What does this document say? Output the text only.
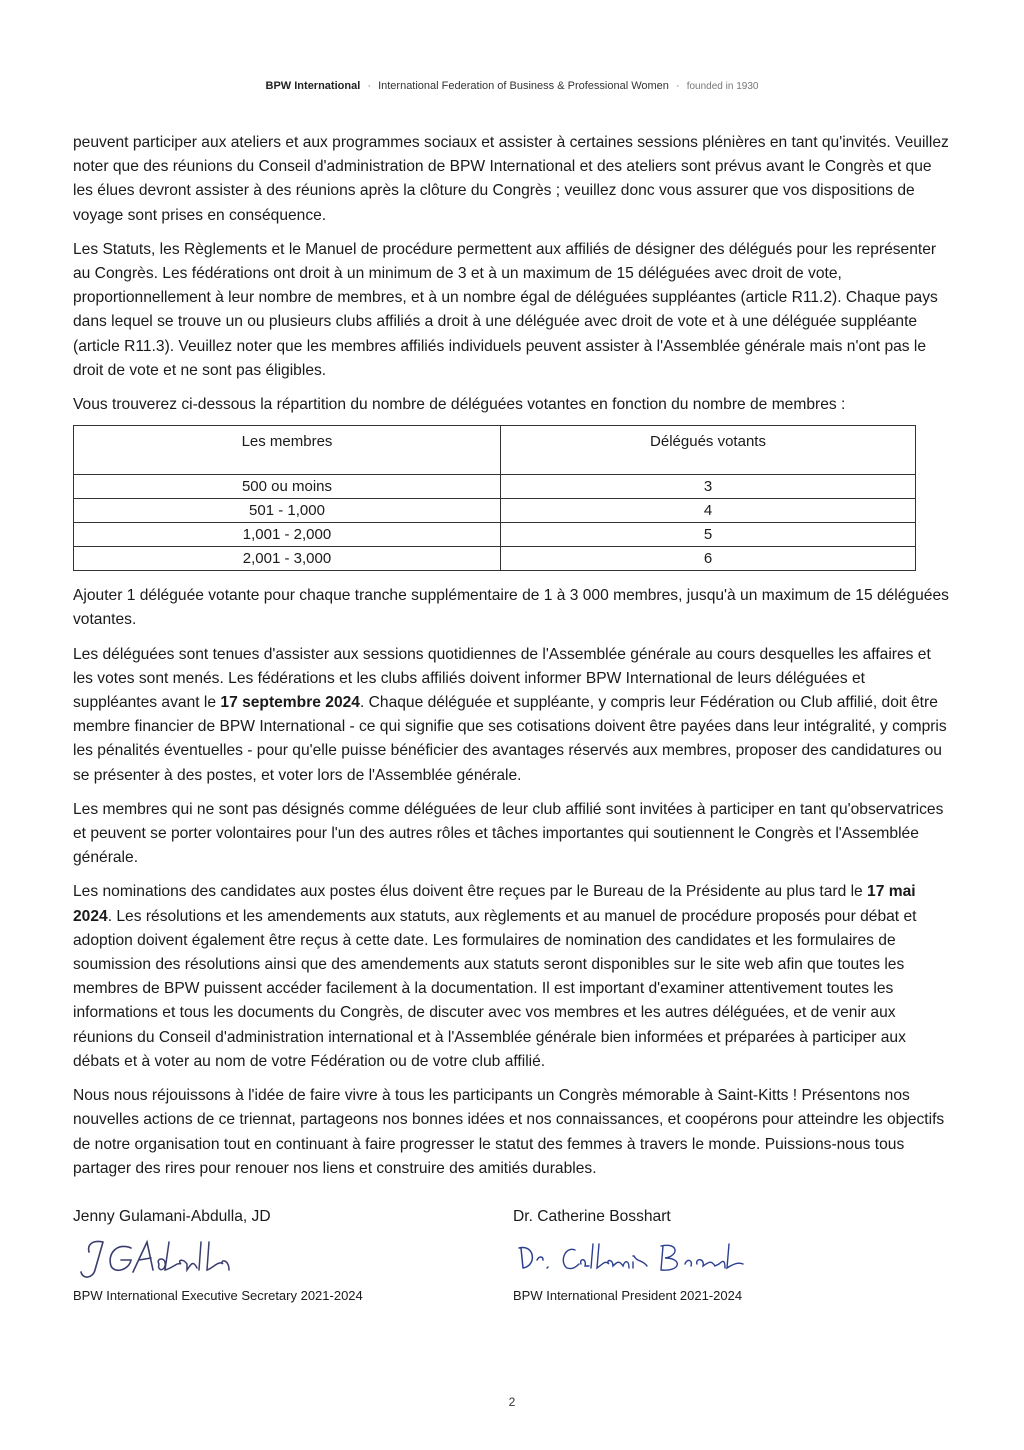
BPW International · International Federation of Business & Professional Women · founded in 1930

peuvent participer aux ateliers et aux programmes sociaux et assister à certaines sessions plénières en tant qu'invités. Veuillez noter que des réunions du Conseil d'administration de BPW International et des ateliers sont prévus avant le Congrès et que les élues devront assister à des réunions après la clôture du Congrès ; veuillez donc vous assurer que vos dispositions de voyage sont prises en conséquence.

Les Statuts, les Règlements et le Manuel de procédure permettent aux affiliés de désigner des délégués pour les représenter au Congrès. Les fédérations ont droit à un minimum de 3 et à un maximum de 15 déléguées avec droit de vote, proportionnellement à leur nombre de membres, et à un nombre égal de déléguées suppléantes (article R11.2). Chaque pays dans lequel se trouve un ou plusieurs clubs affiliés a droit à une déléguée avec droit de vote et à une déléguée suppléante (article R11.3). Veuillez noter que les membres affiliés individuels peuvent assister à l'Assemblée générale mais n'ont pas le droit de vote et ne sont pas éligibles.

Vous trouverez ci-dessous la répartition du nombre de déléguées votantes en fonction du nombre de membres :

Les membres	Délégués votants
500 ou moins	3
501 - 1,000	4
1,001 - 2,000	5
2,001 - 3,000	6

Ajouter 1 déléguée votante pour chaque tranche supplémentaire de 1 à 3 000 membres, jusqu'à un maximum de 15 déléguées votantes.

Les déléguées sont tenues d'assister aux sessions quotidiennes de l'Assemblée générale au cours desquelles les affaires et les votes sont menés. Les fédérations et les clubs affiliés doivent informer BPW International de leurs déléguées et suppléantes avant le 17 septembre 2024. Chaque déléguée et suppléante, y compris leur Fédération ou Club affilié, doit être membre financier de BPW International - ce qui signifie que ses cotisations doivent être payées dans leur intégralité, y compris les pénalités éventuelles - pour qu'elle puisse bénéficier des avantages réservés aux membres, proposer des candidatures ou se présenter à des postes, et voter lors de l'Assemblée générale.

Les membres qui ne sont pas désignés comme déléguées de leur club affilié sont invitées à participer en tant qu'observatrices et peuvent se porter volontaires pour l'un des autres rôles et tâches importantes qui soutiennent le Congrès et l'Assemblée générale.

Les nominations des candidates aux postes élus doivent être reçues par le Bureau de la Présidente au plus tard le 17 mai 2024. Les résolutions et les amendements aux statuts, aux règlements et au manuel de procédure proposés pour débat et adoption doivent également être reçus à cette date. Les formulaires de nomination des candidates et les formulaires de soumission des résolutions ainsi que des amendements aux statuts seront disponibles sur le site web afin que toutes les membres de BPW puissent accéder facilement à la documentation. Il est important d'examiner attentivement toutes les informations et tous les documents du Congrès, de discuter avec vos membres et les autres déléguées, et de venir aux réunions du Conseil d'administration international et à l'Assemblée générale bien informées et préparées à participer aux débats et à voter au nom de votre Fédération ou de votre club affilié.

Nous nous réjouissons à l'idée de faire vivre à tous les participants un Congrès mémorable à Saint-Kitts ! Présentons nos nouvelles actions de ce triennat, partageons nos bonnes idées et nos connaissances, et coopérons pour atteindre les objectifs de notre organisation tout en continuant à faire progresser le statut des femmes à travers le monde. Puissions-nous tous partager des rires pour renouer nos liens et construire des amitiés durables.

Jenny Gulamani-Abdulla, JD
BPW International Executive Secretary 2021-2024
Dr. Catherine Bosshart
BPW International President 2021-2024
2
